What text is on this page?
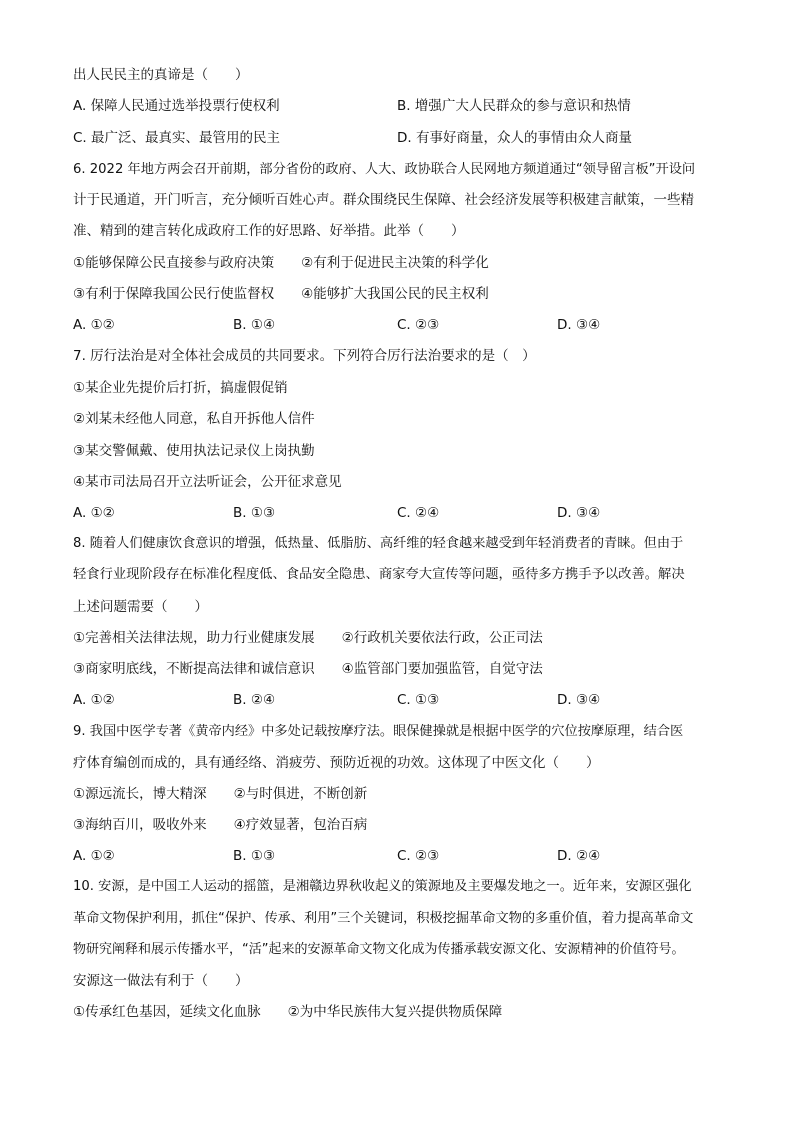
出人民民主的真谛是（　　）
A. 保障人民通过选举投票行使权利	B. 增强广大人民群众的参与意识和热情
C. 最广泛、最真实、最管用的民主	D. 有事好商量，众人的事情由众人商量
6. 2022 年地方两会召开前期，部分省份的政府、人大、政协联合人民网地方频道通过“领导留言板”开设问
计于民通道，开门听言，充分倾听百姓心声。群众围绕民生保障、社会经济发展等积极建言献策，一些精
准、精到的建言转化成政府工作的好思路、好举措。此举（　　）
①能够保障公民直接参与政府决策　　②有利于促进民主决策的科学化
③有利于保障我国公民行使监督权　　④能够扩大我国公民的民主权利
A. ①②	B. ①④	C. ②③	D. ③④
7. 厉行法治是对全体社会成员的共同要求。下列符合厉行法治要求的是（　）
①某企业先提价后打折，搞虚假促销
②刘某未经他人同意，私自开拆他人信件
③某交警佩戴、使用执法记录仪上岗执勤
④某市司法局召开立法听证会，公开征求意见
A. ①②	B. ①③	C. ②④	D. ③④
8. 随着人们健康饮食意识的增强，低热量、低脂肪、高纤维的轻食越来越受到年轻消费者的青睐。但由于
轻食行业现阶段存在标准化程度低、食品安全隐患、商家夸大宣传等问题，亟待多方携手予以改善。解决
上述问题需要（　　）
①完善相关法律法规，助力行业健康发展　　②行政机关要依法行政，公正司法
③商家明底线，不断提高法律和诚信意识　　④监管部门要加强监管，自觉守法
A. ①②	B. ②④	C. ①③	D. ③④
9. 我国中医学专著《黄帝内经》中多处记载按摩疗法。眼保健操就是根据中医学的穴位按摩原理，结合医
疗体育编创而成的，具有通经络、消疲劳、预防近视的功效。这体现了中医文化（　　）
①源远流长，博大精深　　②与时俱进，不断创新
③海纳百川，吸收外来　　④疗效显著，包治百病
A. ①②	B. ①③	C. ②③	D. ②④
10. 安源，是中国工人运动的摇篮，是湘赣边界秋收起义的策源地及主要爆发地之一。近年来，安源区强化
革命文物保护利用，抓住“保护、传承、利用”三个关键词，积极挖掘革命文物的多重价值，着力提高革命文
物研究阐释和展示传播水平，“活”起来的安源革命文物文化成为传播承载安源文化、安源精神的价值符号。
安源这一做法有利于（　　）
①传承红色基因，延续文化血脉　　②为中华民族伟大复兴提供物质保障
